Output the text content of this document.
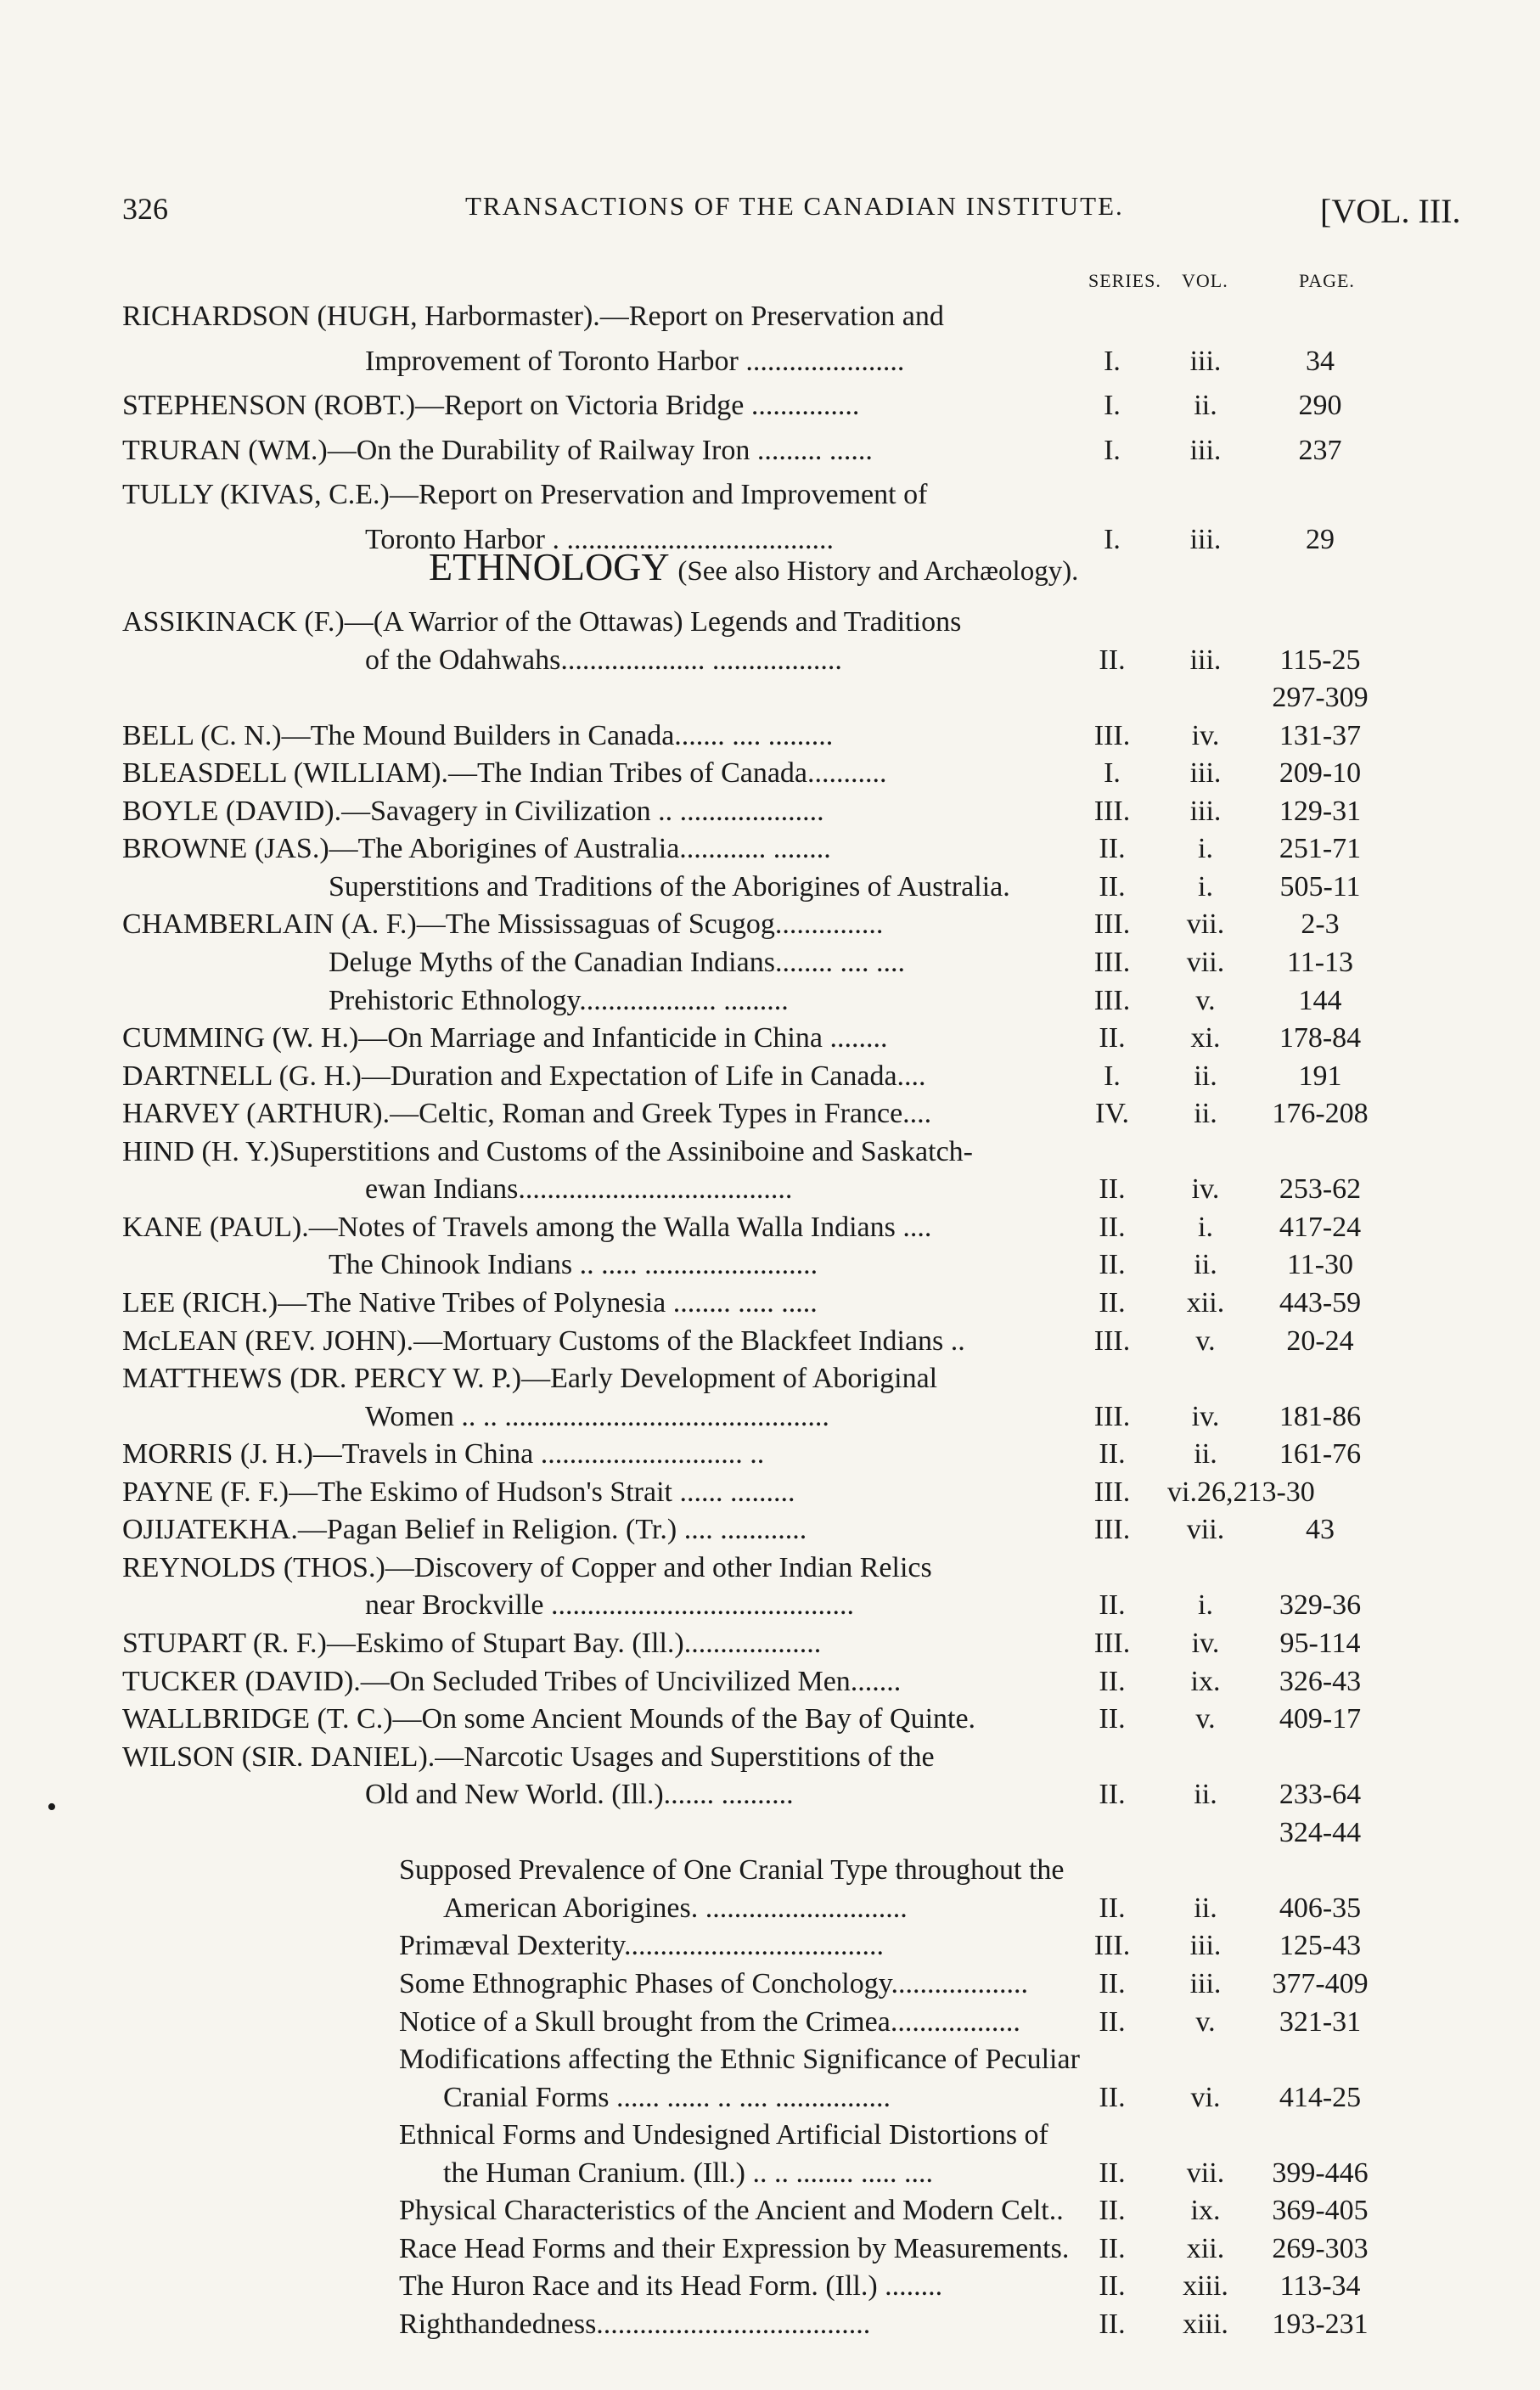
326	TRANSACTIONS OF THE CANADIAN INSTITUTE.	[VOL. III.
SERIES. VOL.	PAGE.
ETHNOLOGY (See also History and Archæology).
RICHARDSON (HUGH, Harbormaster).—Report on Preservation and
Improvement of Toronto Harbor ......................	I.	iii.	34
STEPHENSON (ROBT.)—Report on Victoria Bridge ...............	I.	ii.	290
TRURAN (WM.)—On the Durability of Railway Iron ......... ......	I.	iii.	237
TULLY (KIVAS, C.E.)—Report on Preservation and Improvement of
Toronto Harbor . .....................................	I.	iii.	29
ASSIKINACK (F.)—(A Warrior of the Ottawas) Legends and Traditions
of the Odahwahs.................... ..................	II.	iii.	115-25
297-309
BELL (C. N.)—The Mound Builders in Canada....... .... .........	III.	iv.	131-37
BLEASDELL (WILLIAM).—The Indian Tribes of Canada...........	I.	iii.	209-10
BOYLE (DAVID).—Savagery in Civilization .. ....................	III.	iii.	129-31
BROWNE (JAS.)—The Aborigines of Australia............ ........	II.	i.	251-71
Superstitions and Traditions of the Aborigines of Australia.	II.	i.	505-11
CHAMBERLAIN (A. F.)—The Mississaguas of Scugog...............	III.	vii.	2-3
Deluge Myths of the Canadian Indians........ .... ....	III.	vii.	11-13
Prehistoric Ethnology................... .........	III.	v.	144
CUMMING (W. H.)—On Marriage and Infanticide in China ........	II.	xi.	178-84
DARTNELL (G. H.)—Duration and Expectation of Life in Canada....	I.	ii.	191
HARVEY (ARTHUR).—Celtic, Roman and Greek Types in France....	IV.	ii.	176-208
HIND (H. Y.)Superstitions and Customs of the Assiniboine and Saskatch-
ewan Indians......................................	II.	iv.	253-62
KANE (PAUL).—Notes of Travels among the Walla Walla Indians ....	II.	i.	417-24
The Chinook Indians .. ..... ........................	II.	ii.	11-30
LEE (RICH.)—The Native Tribes of Polynesia ........ ..... .....	II.	xii.	443-59
McLEAN (REV. JOHN).—Mortuary Customs of the Blackfeet Indians ..	III.	v.	20-24
MATTHEWS (DR. PERCY W. P.)—Early Development of Aboriginal
Women .. .. .............................................	III.	iv.	181-86
MORRIS (J. H.)—Travels in China ............................ ..	II.	ii.	161-76
PAYNE (F. F.)—The Eskimo of Hudson's Strait ...... .........	III.	vi.26,213-30
OJIJATEKHA.—Pagan Belief in Religion. (Tr.) .... ............	III.	vii.	43
REYNOLDS (THOS.)—Discovery of Copper and other Indian Relics
near Brockville ..........................................	II.	i.	329-36
STUPART (R. F.)—Eskimo of Stupart Bay. (Ill.)...................	III.	iv.	95-114
TUCKER (DAVID).—On Secluded Tribes of Uncivilized Men.......	II.	ix.	326-43
WALLBRIDGE (T. C.)—On some Ancient Mounds of the Bay of Quinte.	II.	v.	409-17
WILSON (SIR. DANIEL).—Narcotic Usages and Superstitions of the
Old and New World. (Ill.)....... ..........	II.	ii.	233-64
324-44
Supposed Prevalence of One Cranial Type throughout the
American Aborigines. ............................	II.	ii.	406-35
Primæval Dexterity....................................	III.	iii.	125-43
Some Ethnographic Phases of Conchology...................	II.	iii.	377-409
Notice of a Skull brought from the Crimea..................	II.	v.	321-31
Modifications affecting the Ethnic Significance of Peculiar
Cranial Forms ...... ...... .. .... ................	II.	vi.	414-25
Ethnical Forms and Undesigned Artificial Distortions of
the Human Cranium. (Ill.) .. .. ........ ..... ....	II.	vii.	399-446
Physical Characteristics of the Ancient and Modern Celt..	II.	ix.	369-405
Race Head Forms and their Expression by Measurements.	II.	xii.	269-303
The Huron Race and its Head Form. (Ill.) ........	II.	xiii.	113-34
Righthandedness......................................	II.	xiii.	193-231
•
